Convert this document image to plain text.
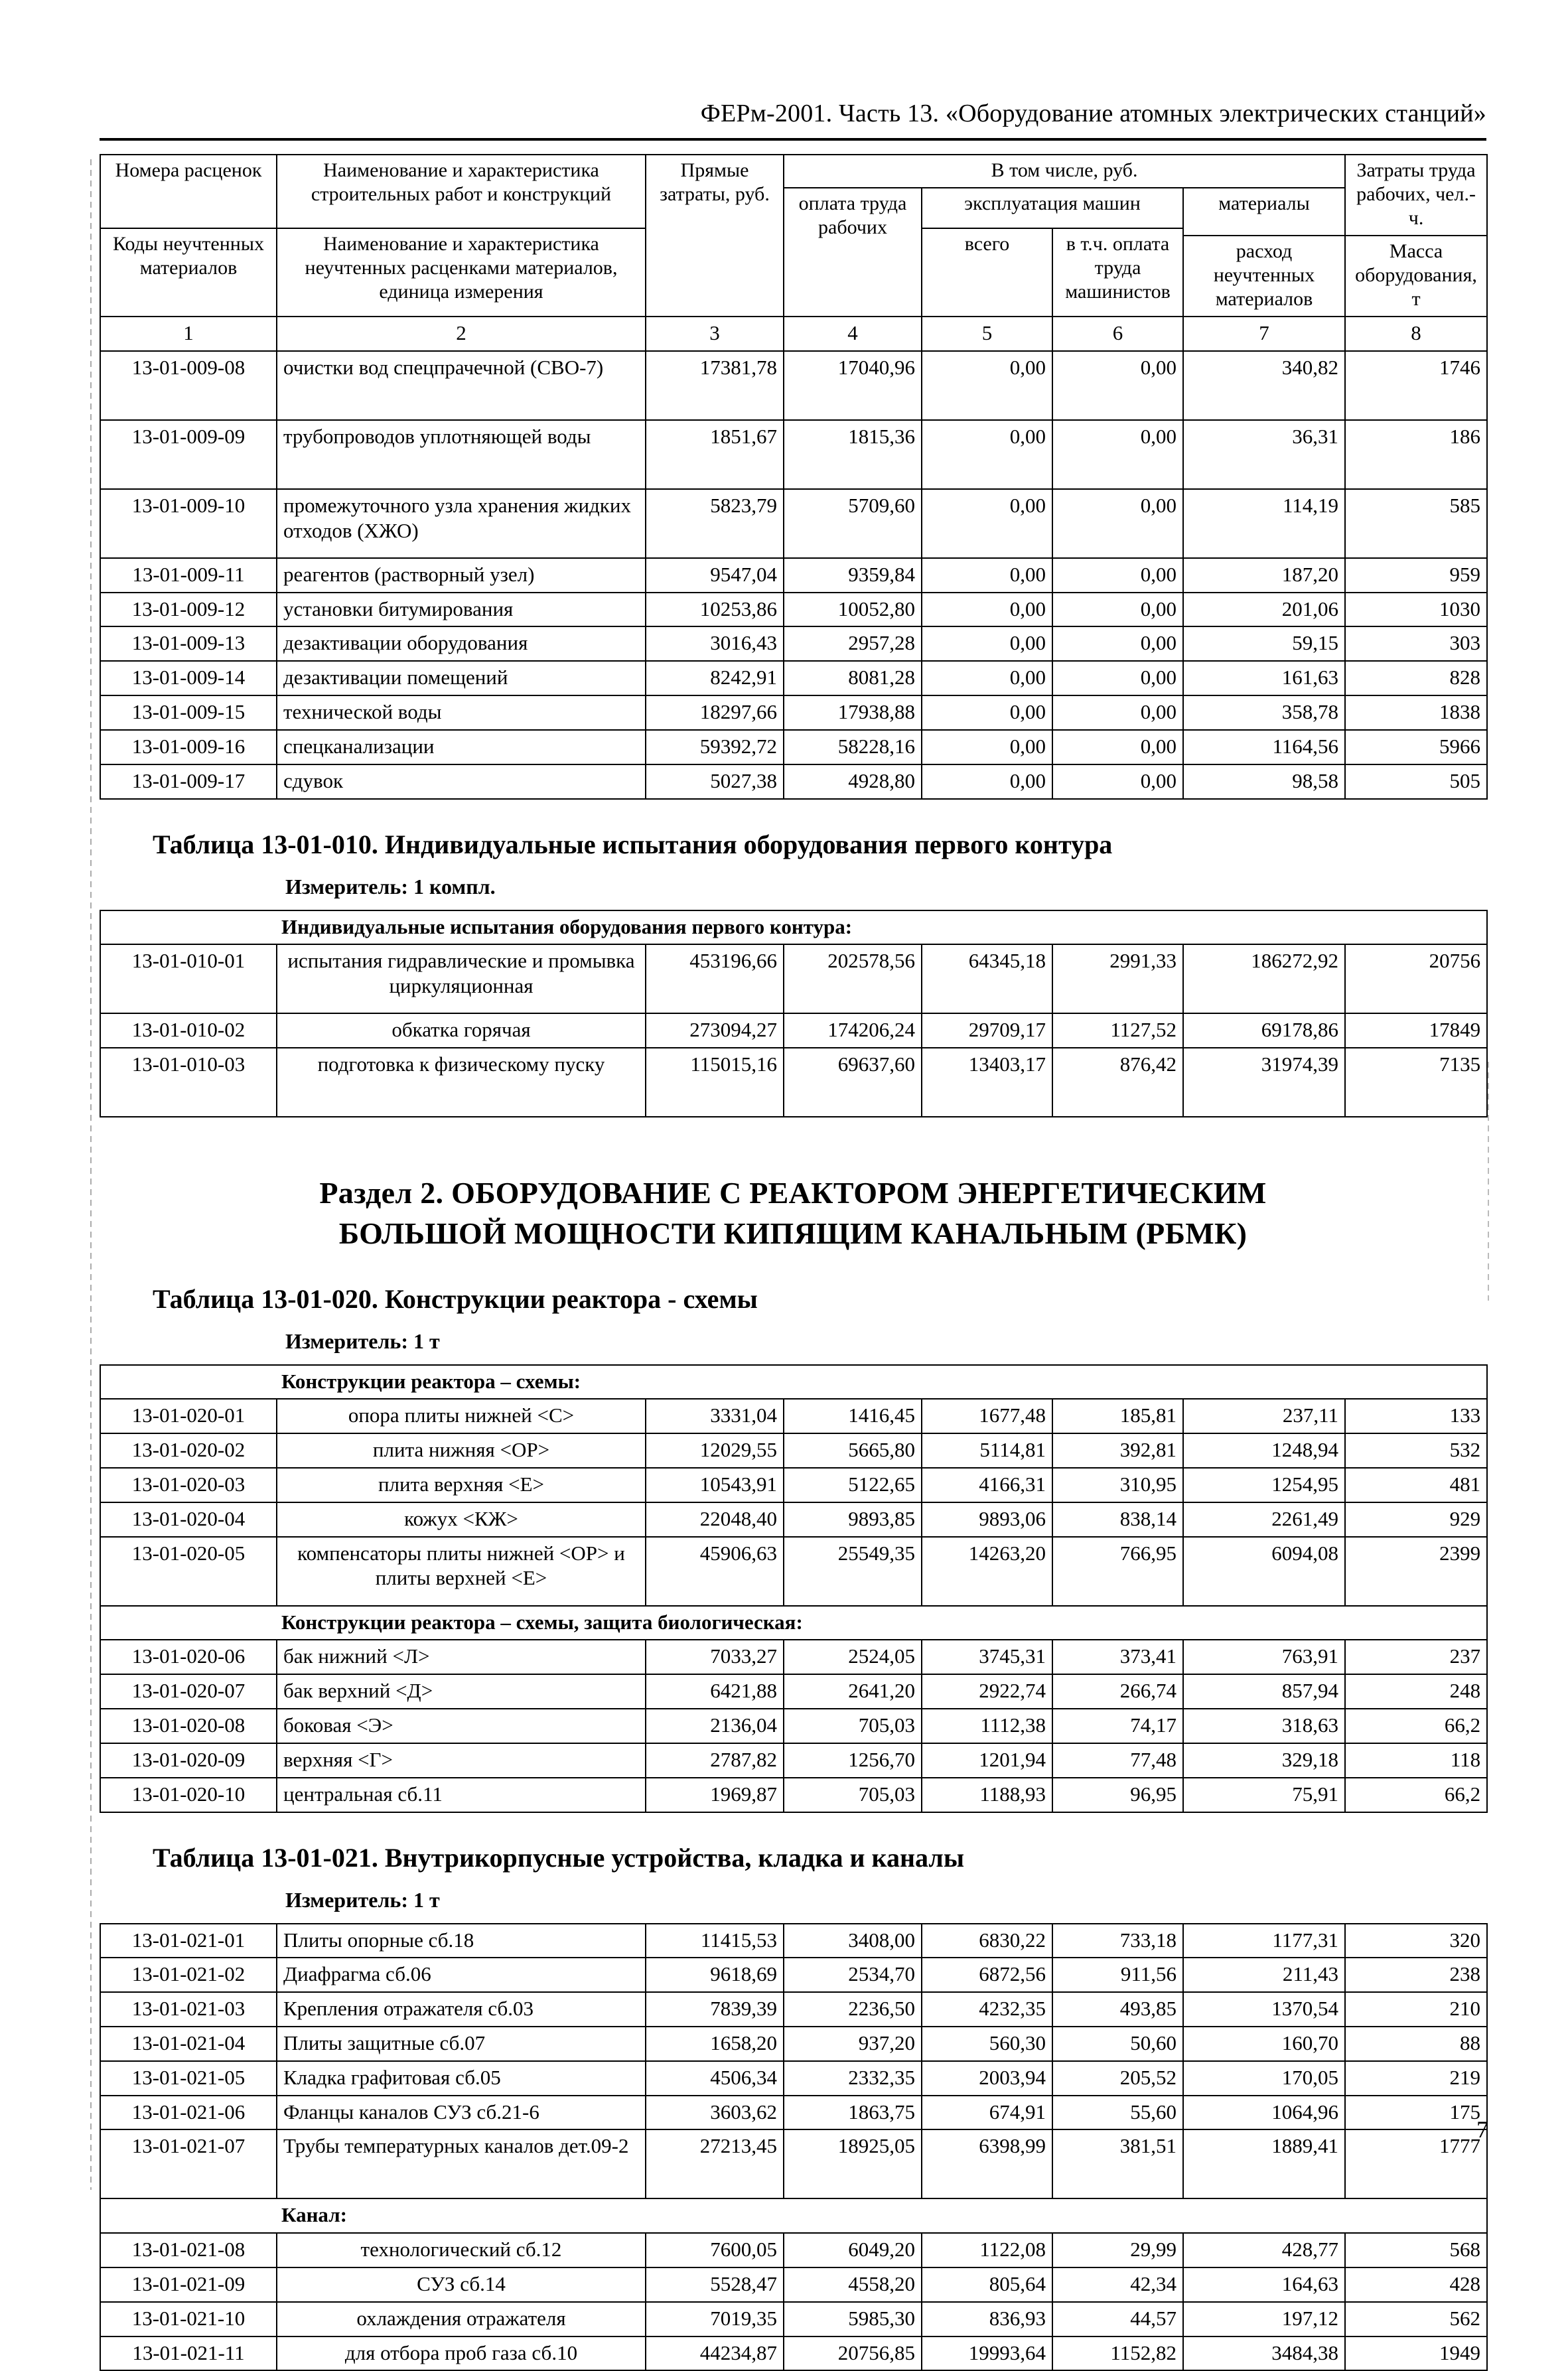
ФЕРм-2001. Часть 13. «Оборудование атомных электрических станций»
Номера расценок	Наименование и характеристика строительных работ и конструкций	Прямые затраты, руб.	В том числе, руб.				Затраты труда рабочих, чел.-ч.
			оплата труда рабочих	эксплуатация машин		материалы	
Коды неучтенных материалов	Наименование и характеристика неучтенных расценками материалов, единица измерения			всего	в т.ч. оплата труда машинистов		
						расход неучтенных материалов	Масса оборудования, т
1	2	3	4	5	6	7	8
13-01-009-08	очистки вод спецпрачечной (СВО-7)	17381,78	17040,96	0,00	0,00	340,82	1746
13-01-009-09	трубопроводов уплотняющей воды	1851,67	1815,36	0,00	0,00	36,31	186
13-01-009-10	промежуточного узла хранения жидких отходов (ХЖО)	5823,79	5709,60	0,00	0,00	114,19	585
13-01-009-11	реагентов (растворный узел)	9547,04	9359,84	0,00	0,00	187,20	959
13-01-009-12	установки битумирования	10253,86	10052,80	0,00	0,00	201,06	1030
13-01-009-13	дезактивации оборудования	3016,43	2957,28	0,00	0,00	59,15	303
13-01-009-14	дезактивации помещений	8242,91	8081,28	0,00	0,00	161,63	828
13-01-009-15	технической воды	18297,66	17938,88	0,00	0,00	358,78	1838
13-01-009-16	спецканализации	59392,72	58228,16	0,00	0,00	1164,56	5966
13-01-009-17	сдувок	5027,38	4928,80	0,00	0,00	98,58	505
Таблица 13-01-010. Индивидуальные испытания оборудования первого контура
Измеритель: 1 компл.
Индивидуальные испытания оборудования первого контура:							
13-01-010-01	испытания гидравлические и промывка циркуляционная	453196,66	202578,56	64345,18	2991,33	186272,92	20756
13-01-010-02	обкатка горячая	273094,27	174206,24	29709,17	1127,52	69178,86	17849
13-01-010-03	подготовка к физическому пуску	115015,16	69637,60	13403,17	876,42	31974,39	7135
Раздел 2. ОБОРУДОВАНИЕ С РЕАКТОРОМ ЭНЕРГЕТИЧЕСКИМ
БОЛЬШОЙ МОЩНОСТИ КИПЯЩИМ КАНАЛЬНЫМ (РБМК)
Таблица 13-01-020. Конструкции реактора - схемы
Измеритель: 1 т
Конструкции реактора – схемы:							
13-01-020-01	опора плиты нижней <С>	3331,04	1416,45	1677,48	185,81	237,11	133
13-01-020-02	плита нижняя <ОР>	12029,55	5665,80	5114,81	392,81	1248,94	532
13-01-020-03	плита верхняя <Е>	10543,91	5122,65	4166,31	310,95	1254,95	481
13-01-020-04	кожух <КЖ>	22048,40	9893,85	9893,06	838,14	2261,49	929
13-01-020-05	компенсаторы плиты нижней <ОР> и плиты верхней <Е>	45906,63	25549,35	14263,20	766,95	6094,08	2399
Конструкции реактора – схемы, защита биологическая:							
13-01-020-06	бак нижний <Л>	7033,27	2524,05	3745,31	373,41	763,91	237
13-01-020-07	бак верхний <Д>	6421,88	2641,20	2922,74	266,74	857,94	248
13-01-020-08	боковая <Э>	2136,04	705,03	1112,38	74,17	318,63	66,2
13-01-020-09	верхняя <Г>	2787,82	1256,70	1201,94	77,48	329,18	118
13-01-020-10	центральная сб.11	1969,87	705,03	1188,93	96,95	75,91	66,2
Таблица 13-01-021. Внутрикорпусные устройства, кладка и каналы
Измеритель: 1 т
13-01-021-01	Плиты опорные сб.18	11415,53	3408,00	6830,22	733,18	1177,31	320
13-01-021-02	Диафрагма сб.06	9618,69	2534,70	6872,56	911,56	211,43	238
13-01-021-03	Крепления отражателя сб.03	7839,39	2236,50	4232,35	493,85	1370,54	210
13-01-021-04	Плиты защитные сб.07	1658,20	937,20	560,30	50,60	160,70	88
13-01-021-05	Кладка графитовая сб.05	4506,34	2332,35	2003,94	205,52	170,05	219
13-01-021-06	Фланцы каналов СУЗ сб.21-6	3603,62	1863,75	674,91	55,60	1064,96	175
13-01-021-07	Трубы температурных каналов дет.09-2	27213,45	18925,05	6398,99	381,51	1889,41	1777
Канал:							
13-01-021-08	технологический сб.12	7600,05	6049,20	1122,08	29,99	428,77	568
13-01-021-09	СУЗ сб.14	5528,47	4558,20	805,64	42,34	164,63	428
13-01-021-10	охлаждения отражателя	7019,35	5985,30	836,93	44,57	197,12	562
13-01-021-11	для отбора проб газа сб.10	44234,87	20756,85	19993,64	1152,82	3484,38	1949
7
